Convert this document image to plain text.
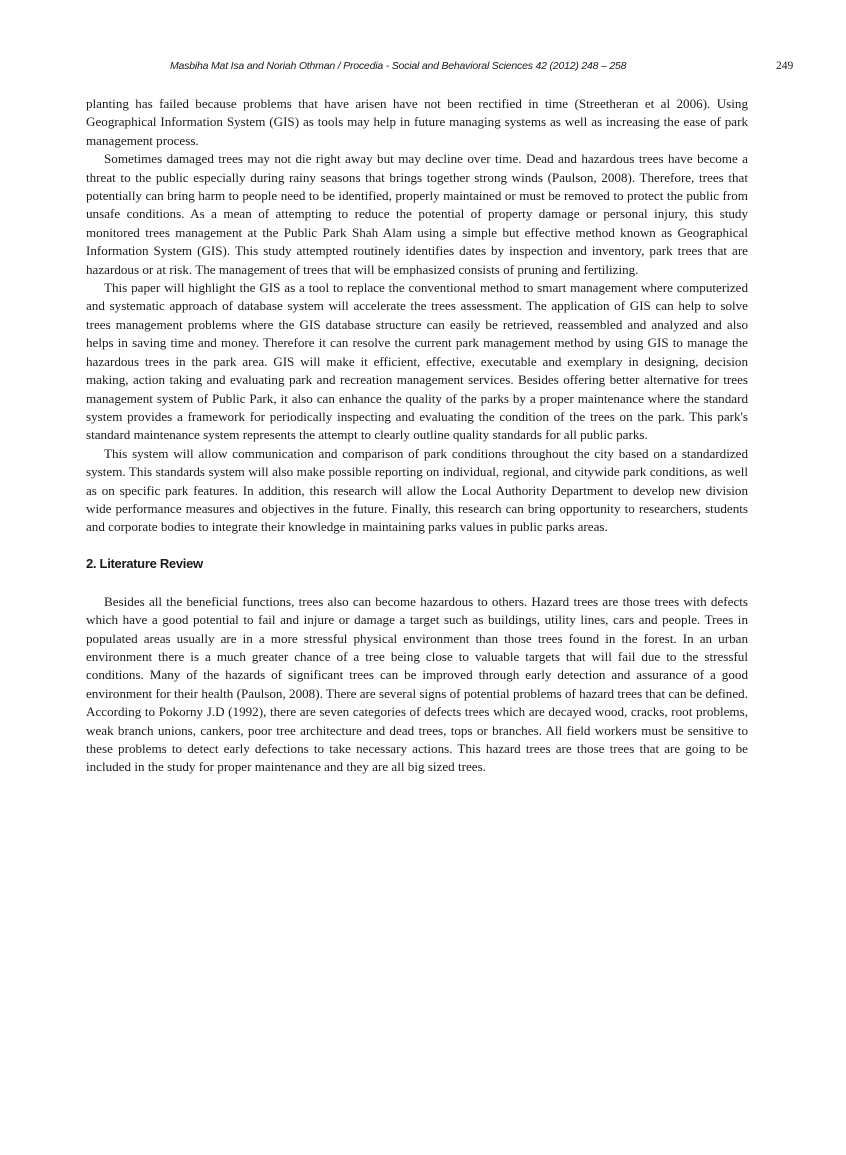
Masbiha Mat Isa and Noriah Othman / Procedia - Social and Behavioral Sciences 42 (2012) 248 – 258	249

planting has failed because problems that have arisen have not been rectified in time (Streetheran et al 2006). Using Geographical Information System (GIS) as tools may help in future managing systems as well as increasing the ease of park management process.

Sometimes damaged trees may not die right away but may decline over time. Dead and hazardous trees have become a threat to the public especially during rainy seasons that brings together strong winds (Paulson, 2008). Therefore, trees that potentially can bring harm to people need to be identified, properly maintained or must be removed to protect the public from unsafe conditions. As a mean of attempting to reduce the potential of property damage or personal injury, this study monitored trees management at the Public Park Shah Alam using a simple but effective method known as Geographical Information System (GIS). This study attempted routinely identifies dates by inspection and inventory, park trees that are hazardous or at risk. The management of trees that will be emphasized consists of pruning and fertilizing.

This paper will highlight the GIS as a tool to replace the conventional method to smart management where computerized and systematic approach of database system will accelerate the trees assessment. The application of GIS can help to solve trees management problems where the GIS database structure can easily be retrieved, reassembled and analyzed and also helps in saving time and money. Therefore it can resolve the current park management method by using GIS to manage the hazardous trees in the park area. GIS will make it efficient, effective, executable and exemplary in designing, decision making, action taking and evaluating park and recreation management services. Besides offering better alternative for trees management system of Public Park, it also can enhance the quality of the parks by a proper maintenance where the standard system provides a framework for periodically inspecting and evaluating the condition of the trees on the park. This park's standard maintenance system represents the attempt to clearly outline quality standards for all public parks.

This system will allow communication and comparison of park conditions throughout the city based on a standardized system. This standards system will also make possible reporting on individual, regional, and citywide park conditions, as well as on specific park features. In addition, this research will allow the Local Authority Department to develop new division wide performance measures and objectives in the future. Finally, this research can bring opportunity to researchers, students and corporate bodies to integrate their knowledge in maintaining parks values in public parks areas.

2. Literature Review

Besides all the beneficial functions, trees also can become hazardous to others. Hazard trees are those trees with defects which have a good potential to fail and injure or damage a target such as buildings, utility lines, cars and people. Trees in populated areas usually are in a more stressful physical environment than those trees found in the forest. In an urban environment there is a much greater chance of a tree being close to valuable targets that will fail due to the stressful conditions. Many of the hazards of significant trees can be improved through early detection and assurance of a good environment for their health (Paulson, 2008). There are several signs of potential problems of hazard trees that can be defined. According to Pokorny J.D (1992), there are seven categories of defects trees which are decayed wood, cracks, root problems, weak branch unions, cankers, poor tree architecture and dead trees, tops or branches. All field workers must be sensitive to these problems to detect early defections to take necessary actions. This hazard trees are those trees that are going to be included in the study for proper maintenance and they are all big sized trees.
